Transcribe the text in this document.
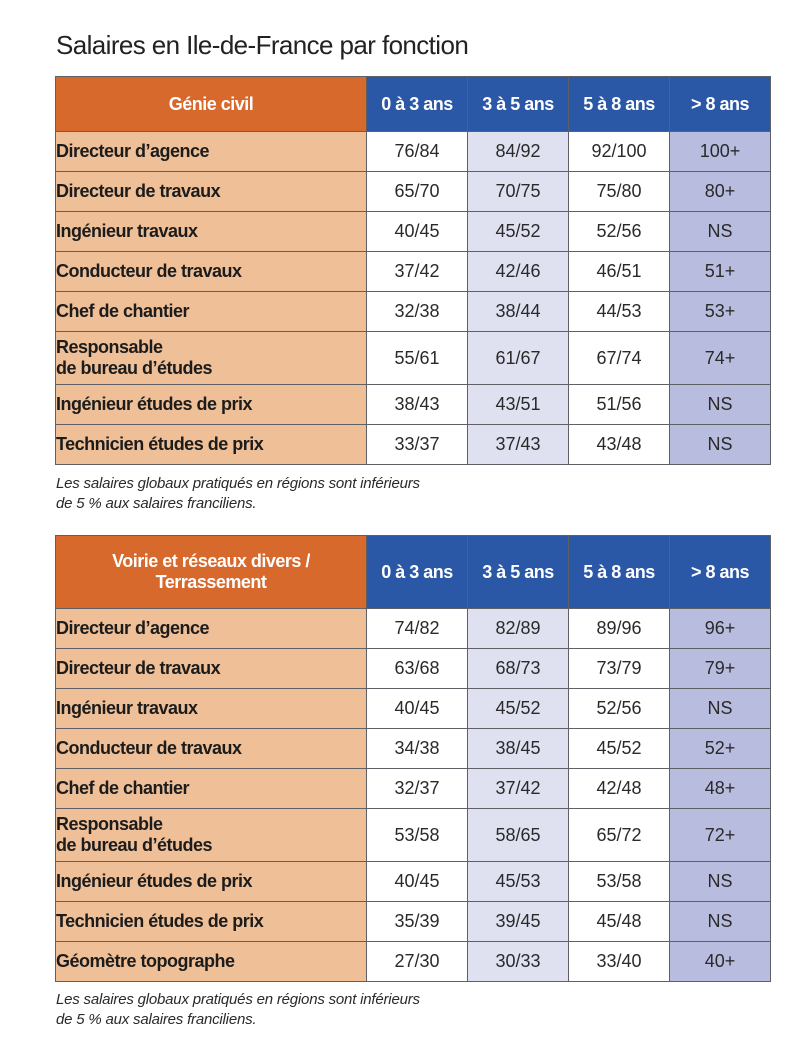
Salaires en Ile-de-France par fonction
Génie civil	0 à 3 ans	3 à 5 ans	5 à 8 ans	> 8 ans
Directeur d’agence	76/84	84/92	92/100	100+
Directeur de travaux	65/70	70/75	75/80	80+
Ingénieur travaux	40/45	45/52	52/56	NS
Conducteur de travaux	37/42	42/46	46/51	51+
Chef de chantier	32/38	38/44	44/53	53+

Responsable
de bureau d’études	55/61	61/67	67/74	74+
Ingénieur études de prix	38/43	43/51	51/56	NS
Technicien études de prix	33/37	37/43	43/48	NS
Les salaires globaux pratiqués en régions sont inférieurs
de 5 % aux salaires franciliens.
Voirie et réseaux divers /
Terrassement	0 à 3 ans	3 à 5 ans	5 à 8 ans	> 8 ans
Directeur d’agence	74/82	82/89	89/96	96+
Directeur de travaux	63/68	68/73	73/79	79+
Ingénieur travaux	40/45	45/52	52/56	NS
Conducteur de travaux	34/38	38/45	45/52	52+
Chef de chantier	32/37	37/42	42/48	48+

Responsable
de bureau d’études	53/58	58/65	65/72	72+
Ingénieur études de prix	40/45	45/53	53/58	NS
Technicien études de prix	35/39	39/45	45/48	NS
Géomètre topographe	27/30	30/33	33/40	40+
Les salaires globaux pratiqués en régions sont inférieurs
de 5 % aux salaires franciliens.
